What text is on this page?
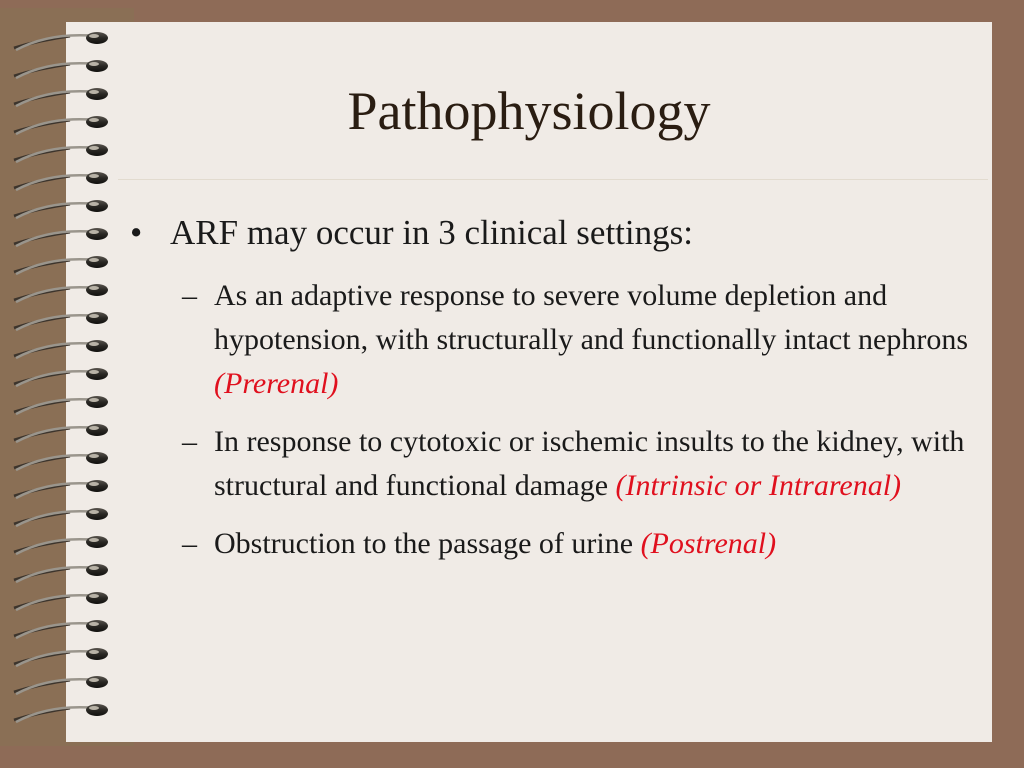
Pathophysiology
• ARF may occur in 3 clinical settings:
– As an adaptive response to severe volume depletion and hypotension, with structurally and functionally intact nephrons (Prerenal)
– In response to cytotoxic or ischemic insults to the kidney, with structural and functional damage (Intrinsic or Intrarenal)
– Obstruction to the passage of urine (Postrenal)
